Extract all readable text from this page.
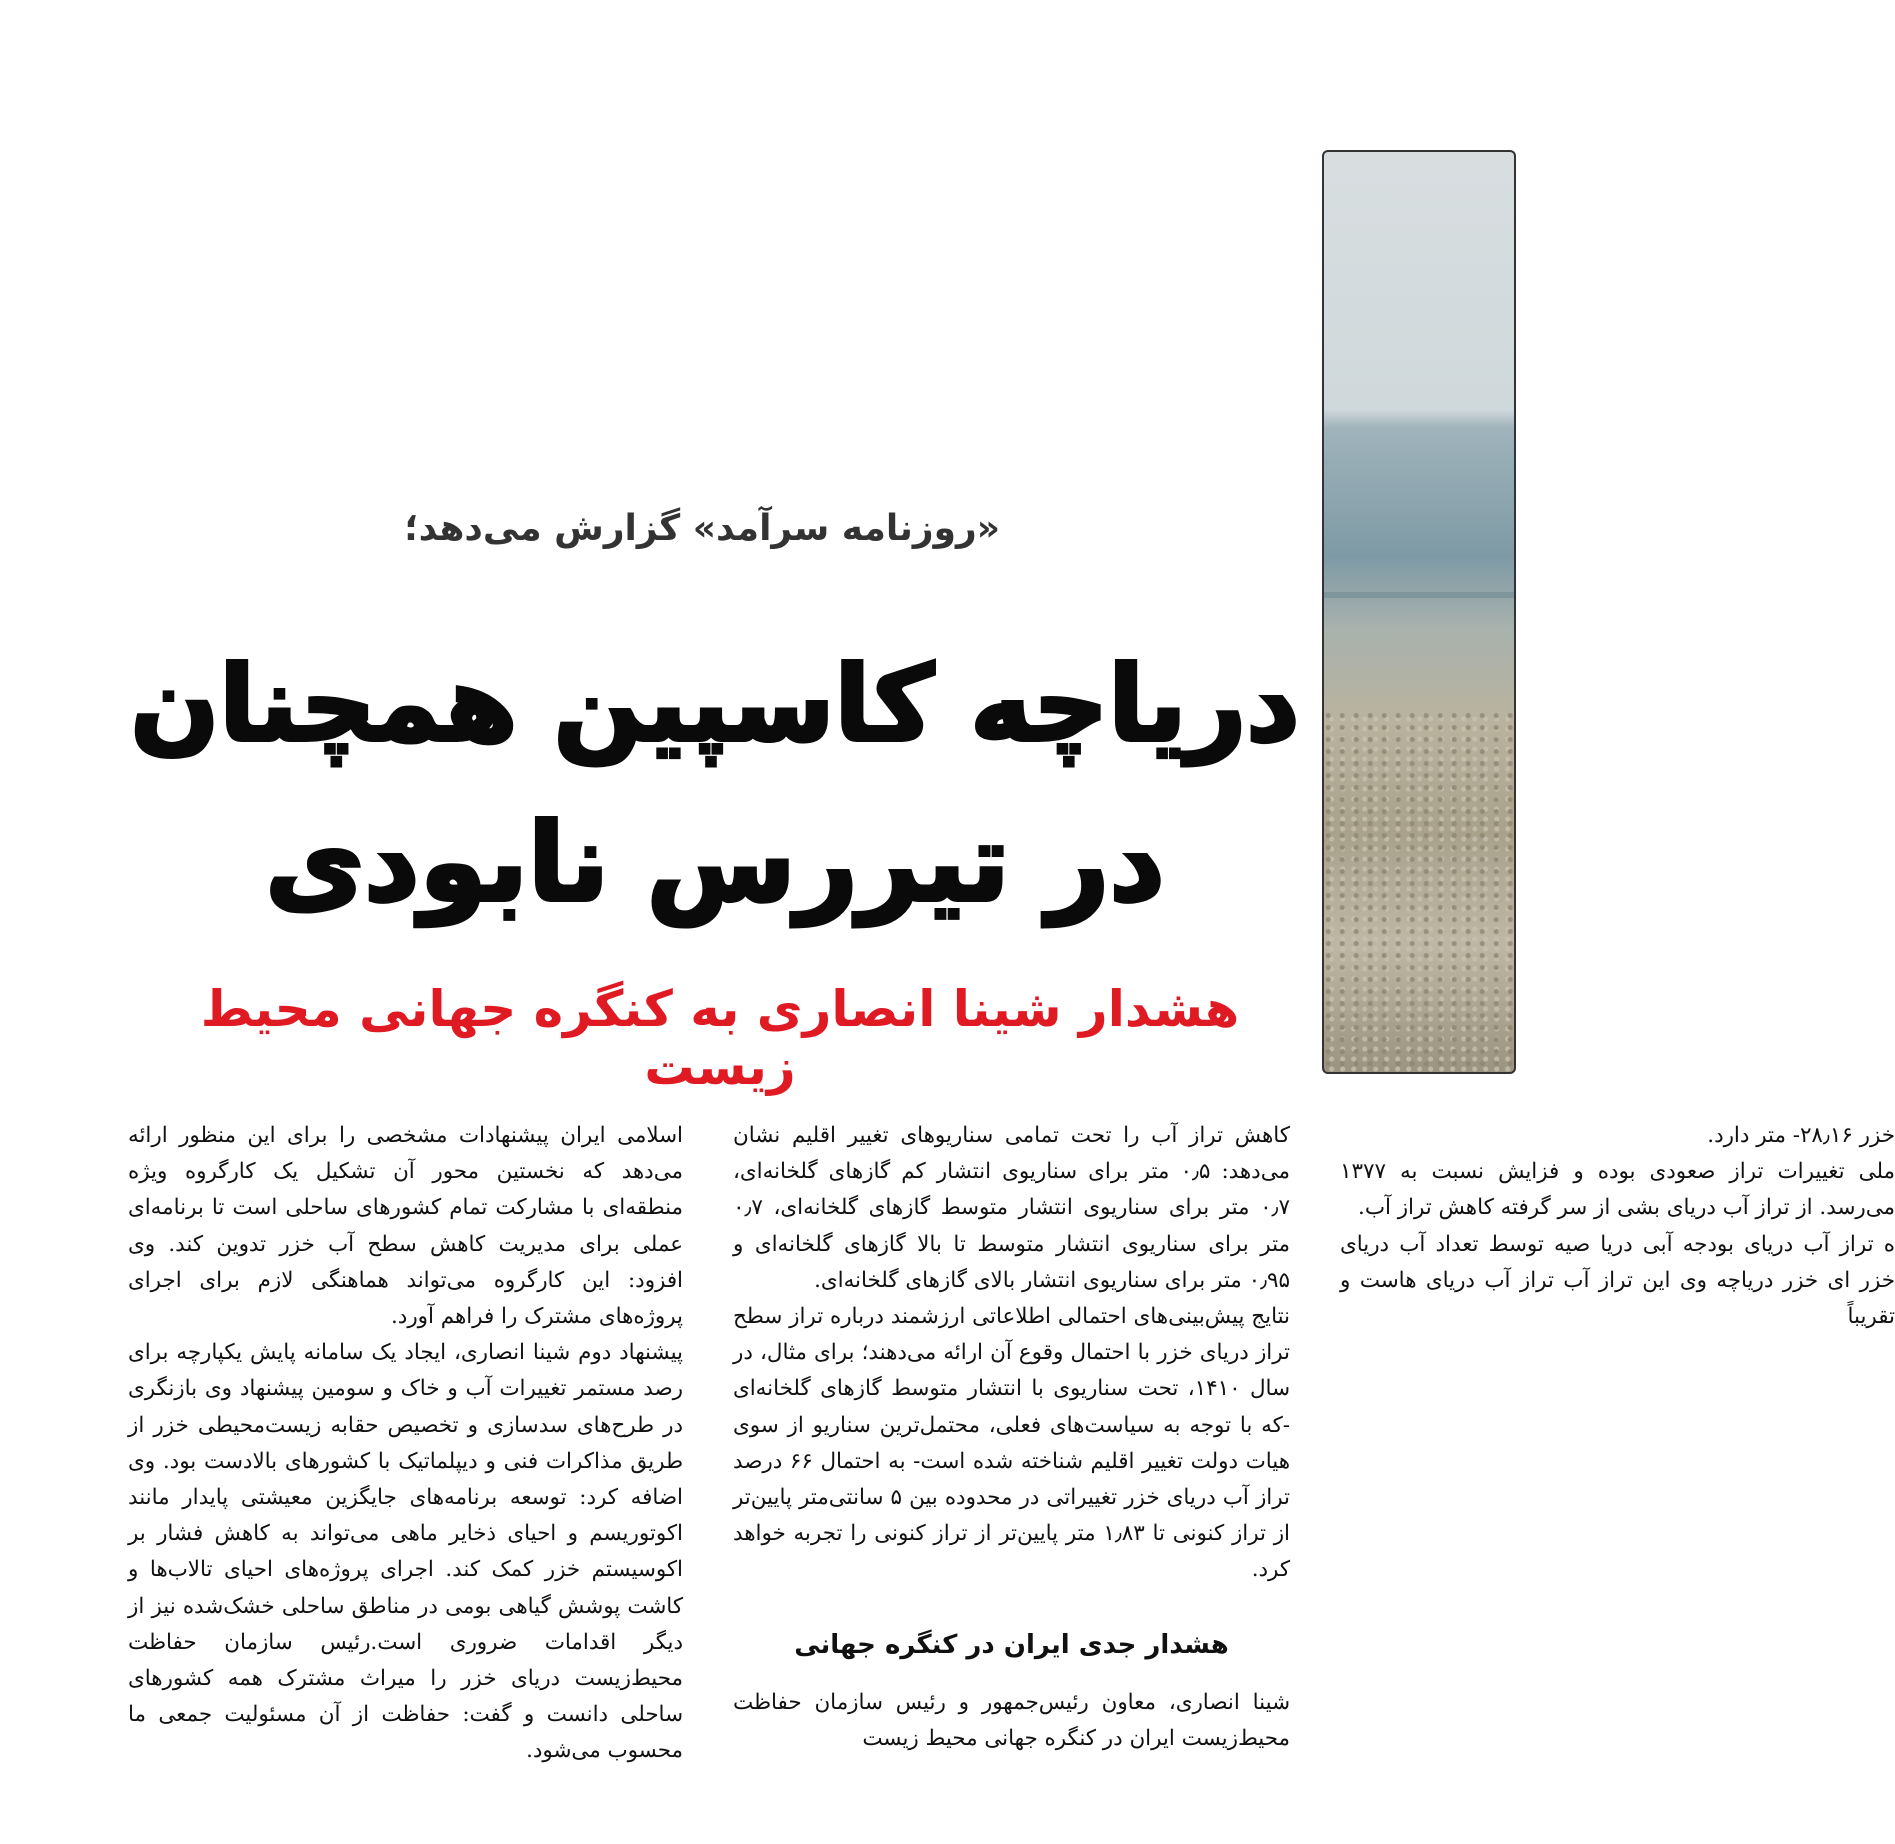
«روزنامه سرآمد» گزارش می‌دهد؛
دریاچه کاسپین همچنان
در تیررس نابودی
هشدار شینا انصاری به کنگره جهانی محیط زیست

اسلامی ایران پیشنهادات مشخصی را برای این منظور ارائه می‌دهد که نخستین محور آن تشکیل یک کارگروه ویژه منطقه‌ای با مشارکت تمام کشورهای ساحلی است تا برنامه‌ای عملی برای مدیریت کاهش سطح آب خزر تدوین کند. وی افزود: این کارگروه می‌تواند هماهنگی لازم برای اجرای پروژه‌های مشترک را فراهم آورد.

پیشنهاد دوم شینا انصاری، ایجاد یک سامانه پایش یکپارچه برای رصد مستمر تغییرات آب و خاک و سومین پیشنهاد وی بازنگری در طرح‌های سدسازی و تخصیص حقابه زیست‌محیطی خزر از طریق مذاکرات فنی و دیپلماتیک با کشورهای بالادست بود. وی اضافه کرد: توسعه برنامه‌های جایگزین معیشتی پایدار مانند اکوتوریسم و احیای ذخایر ماهی می‌تواند به کاهش فشار بر اکوسیستم خزر کمک کند. اجرای پروژه‌های احیای تالاب‌ها و کاشت پوشش گیاهی بومی در مناطق ساحلی خشک‌شده نیز از دیگر اقدامات ضروری است.رئیس سازمان حفاظت محیط‌زیست دریای خزر را میراث مشترک همه کشورهای ساحلی دانست و گفت: حفاظت از آن مسئولیت جمعی ما محسوب می‌شود.

کاهش تراز آب را تحت تمامی سناریوهای تغییر اقلیم نشان می‌دهد: ۰٫۵ متر برای سناریوی انتشار کم گازهای گلخانه‌ای، ۰٫۷ متر برای سناریوی انتشار متوسط گازهای گلخانه‌ای، ۰٫۷ متر برای سناریوی انتشار متوسط تا بالا گازهای گلخانه‌ای و ۰٫۹۵ متر برای سناریوی انتشار بالای گازهای گلخانه‌ای.

نتایج پیش‌بینی‌های احتمالی اطلاعاتی ارزشمند درباره تراز سطح تراز دریای خزر با احتمال وقوع آن ارائه می‌دهند؛ برای مثال، در سال ۱۴۱۰، تحت سناریوی با انتشار متوسط گازهای گلخانه‌ای -که با توجه به سیاست‌های فعلی، محتمل‌ترین سناریو از سوی هیات دولت تغییر اقلیم شناخته شده است- به احتمال ۶۶ درصد تراز آب دریای خزر تغییراتی در محدوده بین ۵ سانتی‌متر پایین‌تر از تراز کنونی تا ۱٫۸۳ متر پایین‌تر از تراز کنونی را تجربه خواهد کرد.

هشدار جدی ایران در کنگره جهانی

شینا انصاری، معاون رئیس‌جمهور و رئیس سازمان حفاظت محیط‌زیست ایران در کنگره جهانی محیط زیست

خزر ۲۸٫۱۶- متر دارد.

ملی تغییرات تراز صعودی بوده و فزایش نسبت به ۱۳۷۷ می‌رسد. از تراز آب دریای بشی از سر گرفته کاهش تراز آب.

ه تراز آب دریای بودجه آبی دریا صیه توسط تعداد آب دریای خزر ای خزر دریاچه وی این تراز آب تراز آب دریای هاست و تقریباً
